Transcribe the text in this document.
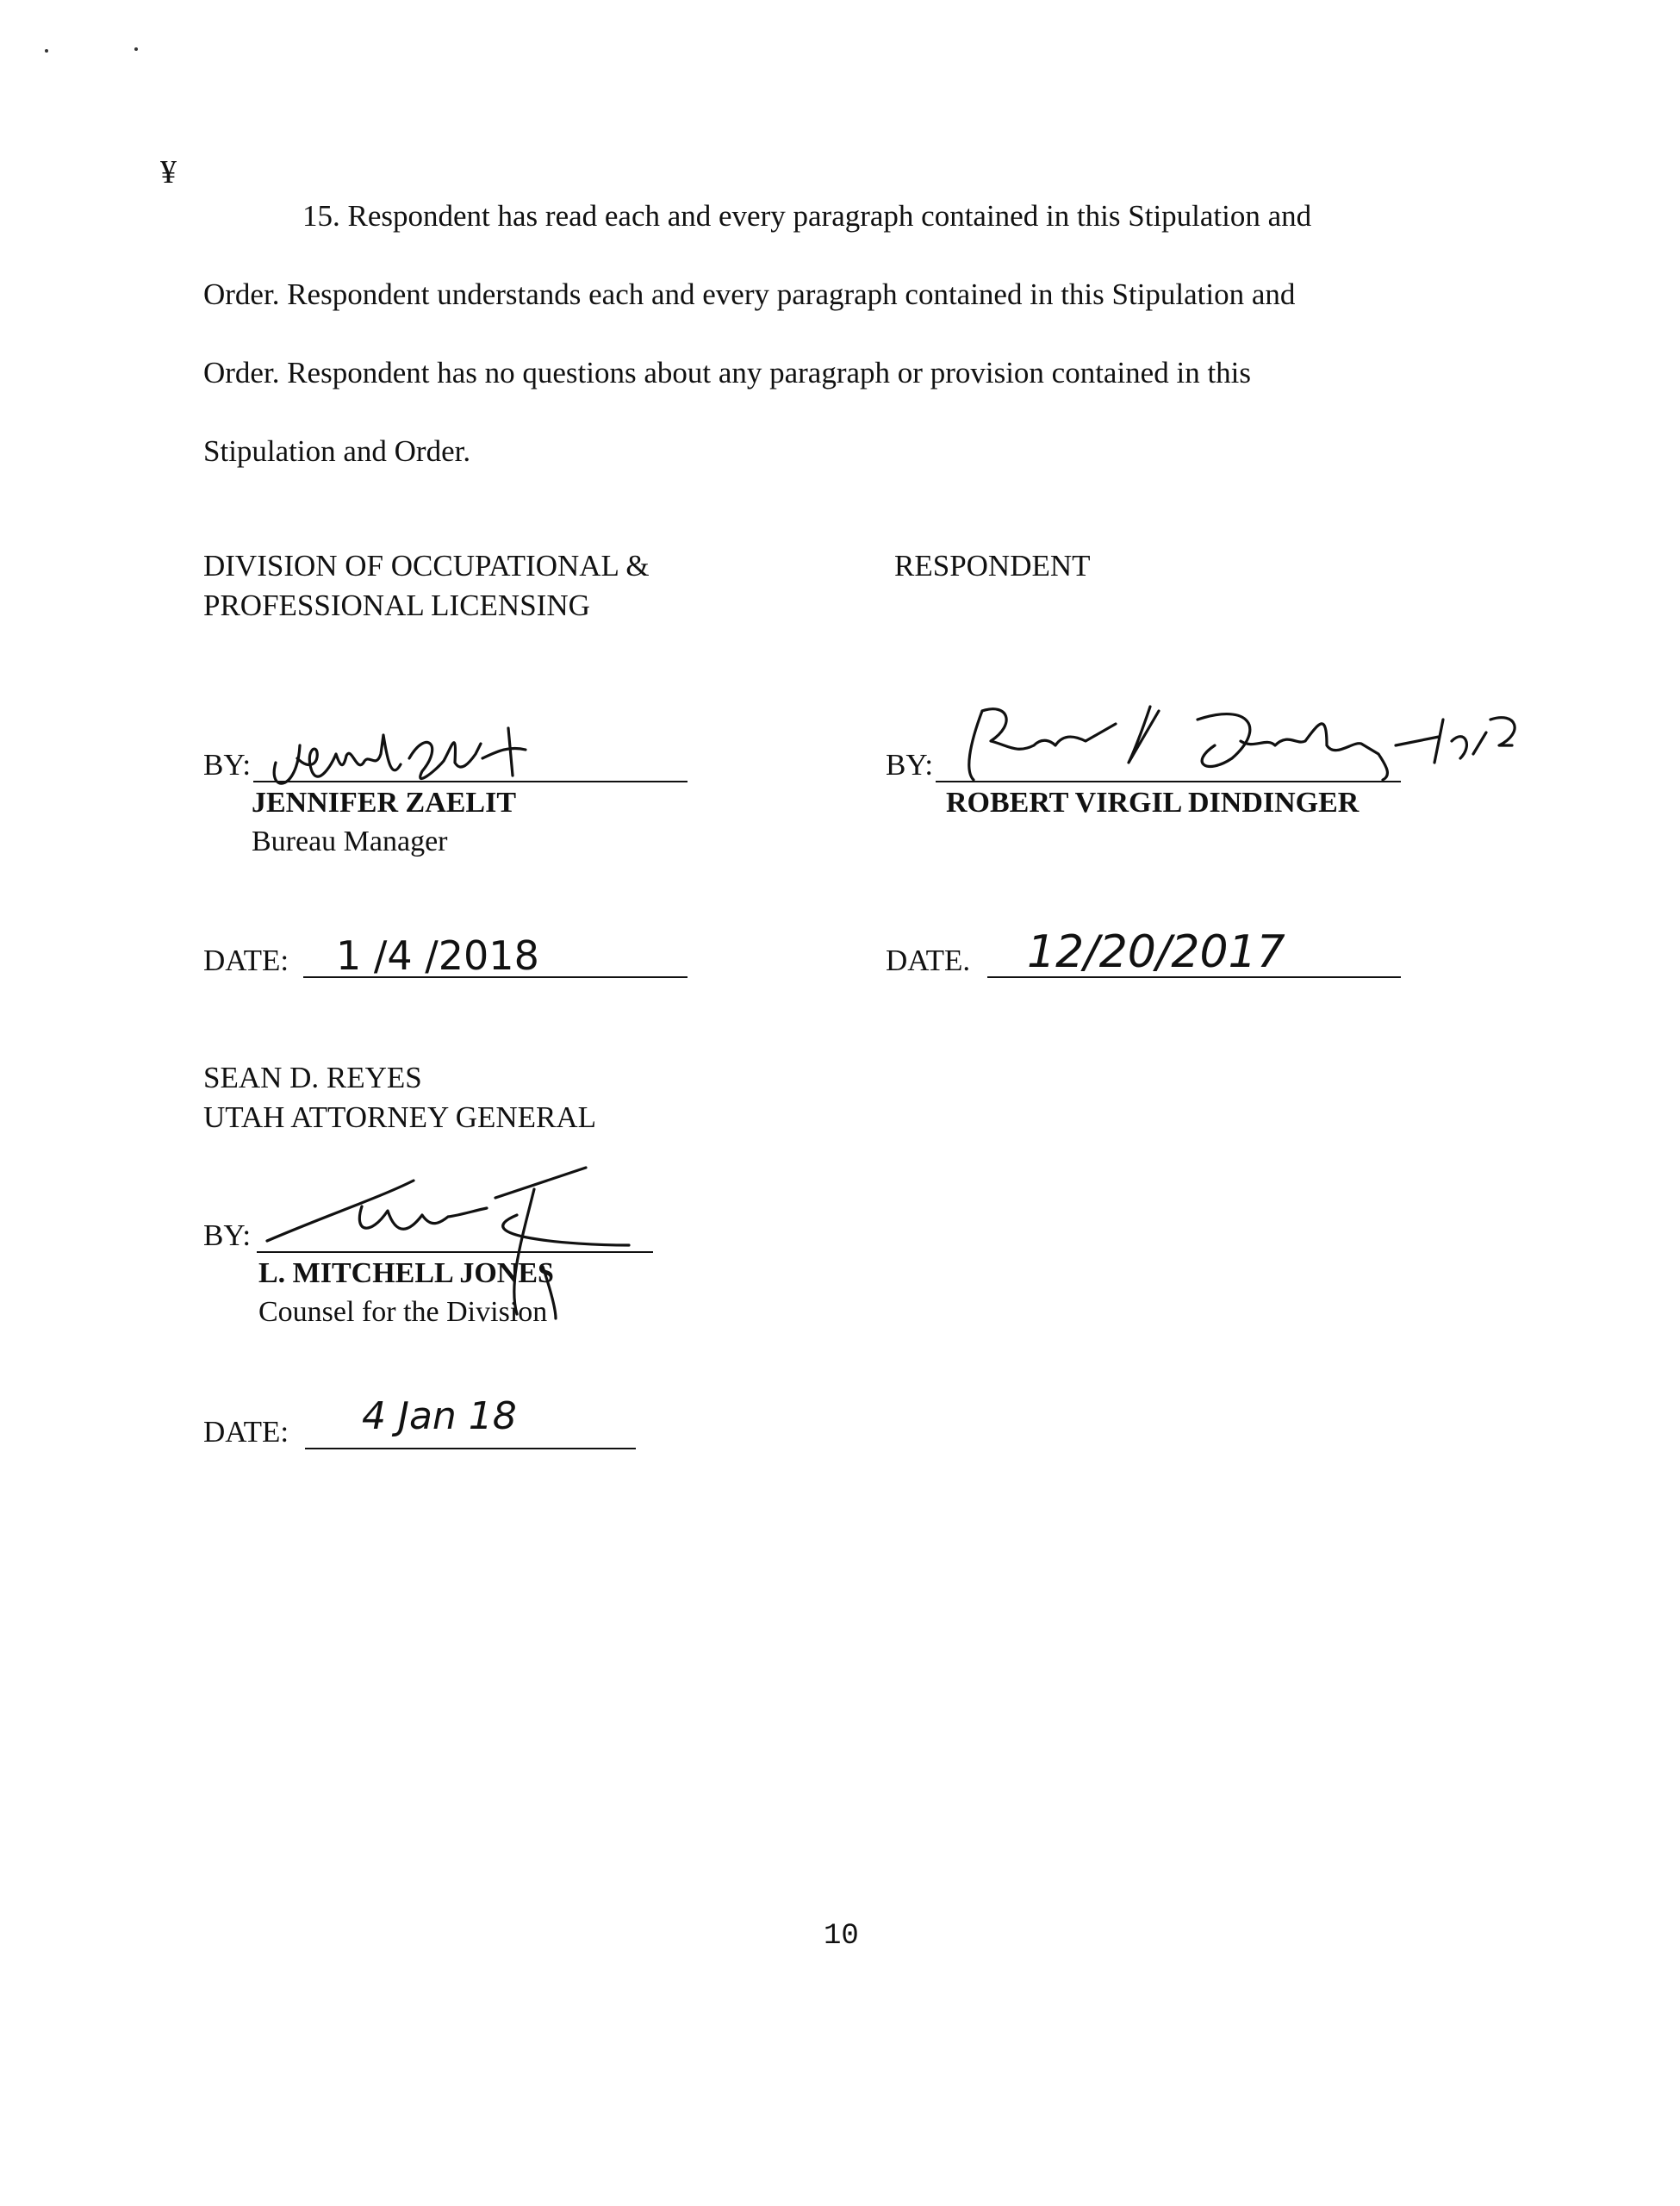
¥

15. Respondent has read each and every paragraph contained in this Stipulation and

Order. Respondent understands each and every paragraph contained in this Stipulation and

Order. Respondent has no questions about any paragraph or provision contained in this

Stipulation and Order.

DIVISION OF OCCUPATIONAL &
PROFESSIONAL LICENSING
BY:
JENNIFER ZAELIT
Bureau Manager
DATE: 1 /4 /2018
RESPONDENT
BY:
ROBERT VIRGIL DINDINGER
DATE. 12/20/2017
SEAN D. REYES
UTAH ATTORNEY GENERAL
BY:
L. MITCHELL JONES
Counsel for the Division
DATE: 4 Jan 18
10
